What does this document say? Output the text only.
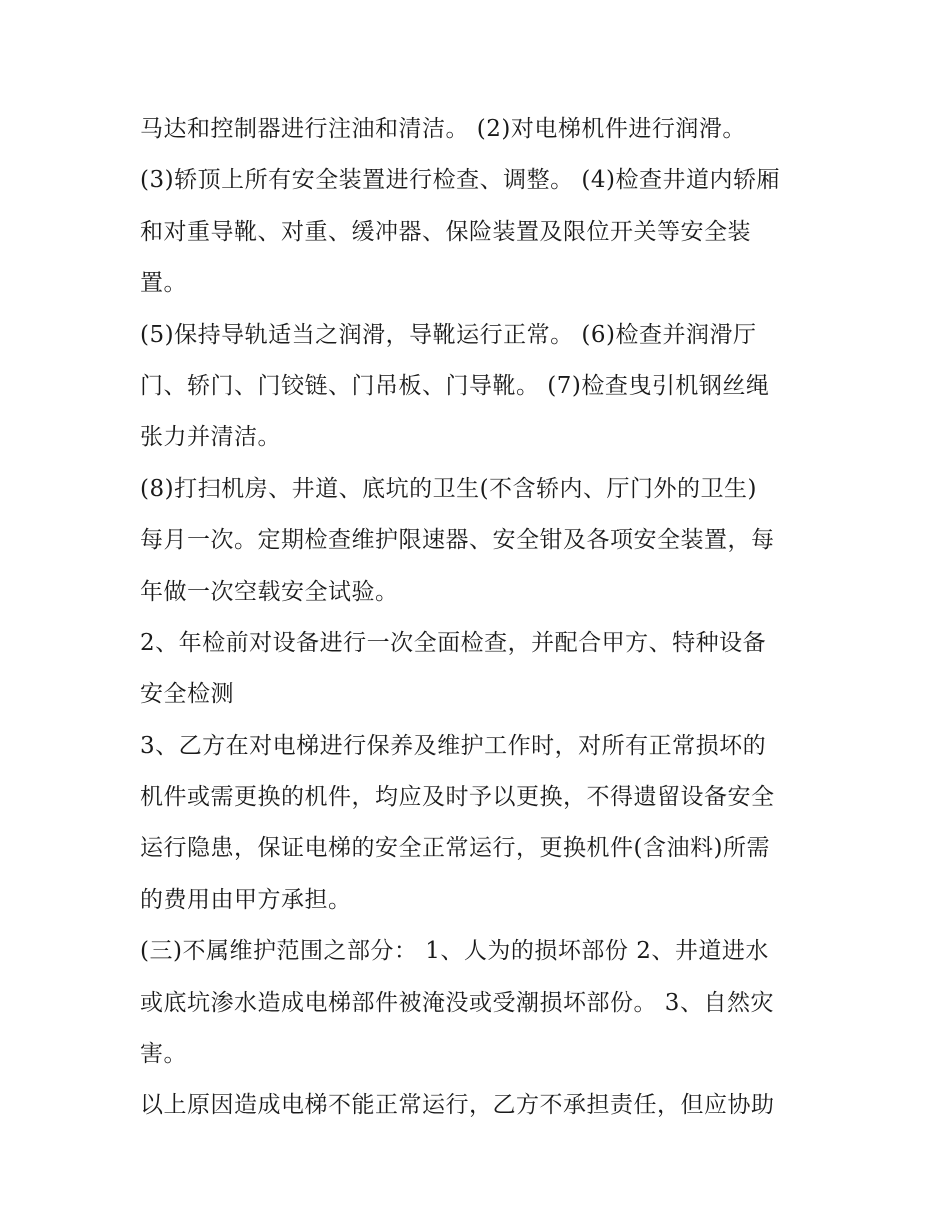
马达和控制器进行注油和清洁。 (2)对电梯机件进行润滑。
(3)轿顶上所有安全装置进行检查、调整。 (4)检查井道内轿厢
和对重导靴、对重、缓冲器、保险装置及限位开关等安全装
置。
(5)保持导轨适当之润滑，导靴运行正常。 (6)检查并润滑厅
门、轿门、门铰链、门吊板、门导靴。 (7)检查曳引机钢丝绳
张力并清洁。
(8)打扫机房、井道、底坑的卫生(不含轿内、厅门外的卫生)
每月一次。定期检查维护限速器、安全钳及各项安全装置，每
年做一次空载安全试验。
2、年检前对设备进行一次全面检查，并配合甲方、特种设备
安全检测
3、乙方在对电梯进行保养及维护工作时，对所有正常损坏的
机件或需更换的机件，均应及时予以更换，不得遗留设备安全
运行隐患，保证电梯的安全正常运行，更换机件(含油料)所需
的费用由甲方承担。
(三)不属维护范围之部分： 1、人为的损坏部份 2、井道进水
或底坑渗水造成电梯部件被淹没或受潮损坏部份。 3、自然灾
害。
以上原因造成电梯不能正常运行，乙方不承担责任，但应协助
